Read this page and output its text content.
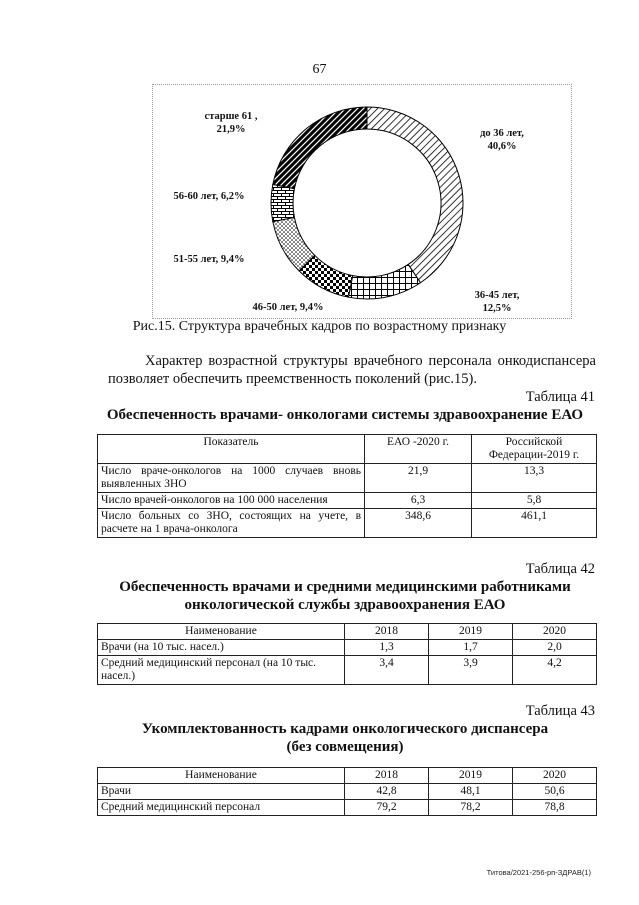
67
до 36 лет,
40,6%
36-45 лет,
12,5%
46-50 лет, 9,4%
51-55 лет, 9,4%
56-60 лет, 6,2%
старше 61 ,
21,9%
Рис.15. Структура врачебных кадров по возрастному признаку
Характер возрастной структуры врачебного персонала онкодиспансера
позволяет обеспечить преемственность поколений (рис.15).
Таблица 41
Обеспеченность врачами- онкологами системы здравоохранение ЕАО
Показатель	ЕАО -2020 г.	Российской Федерации-2019 г.
Число враче-онкологов на 1000 случаев вновь выявленных ЗНО	21,9	13,3
Число врачей-онкологов на 100 000 населения	6,3	5,8
Число больных со ЗНО, состоящих на учете, в расчете на 1 врача-онколога	348,6	461,1
Таблица 42
Обеспеченность врачами и средними медицинскими работниками
онкологической службы здравоохранения ЕАО
Наименование	2018	2019	2020
Врачи (на 10 тыс. насел.)	1,3	1,7	2,0
Средний медицинский персонал (на 10 тыс. насел.)	3,4	3,9	4,2
Таблица 43
Укомплектованность кадрами онкологического диспансера
(без совмещения)
Наименование	2018	2019	2020
Врачи	42,8	48,1	50,6
Средний медицинский персонал	79,2	78,2	78,8
Титова/2021-256-рп-ЗДРАВ(1)
